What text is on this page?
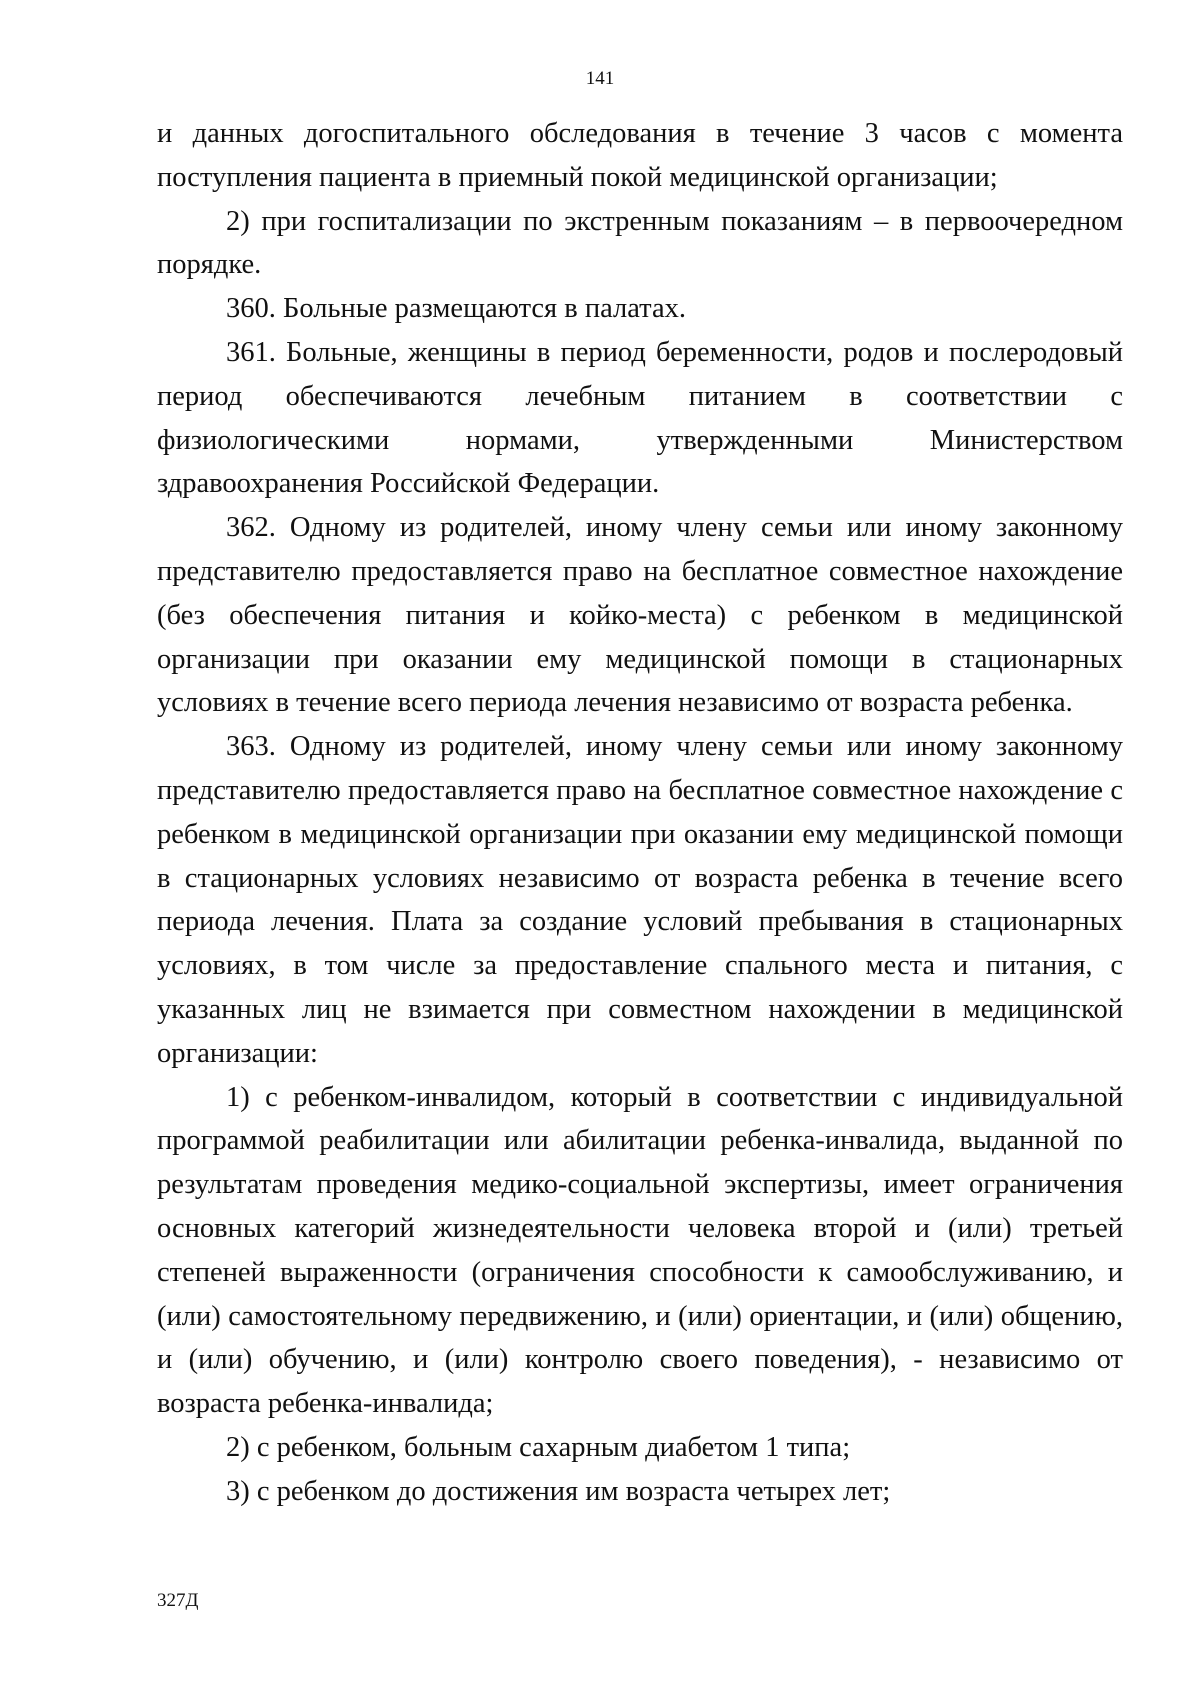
141

и данных догоспитального обследования в течение 3 часов с момента поступления пациента в приемный покой медицинской организации;

2) при госпитализации по экстренным показаниям – в первоочередном порядке.

360. Больные размещаются в палатах.

361. Больные, женщины в период беременности, родов и послеродовый период обеспечиваются лечебным питанием в соответствии с физиологическими нормами, утвержденными Министерством здравоохранения Российской Федерации.

362. Одному из родителей, иному члену семьи или иному законному представителю предоставляется право на бесплатное совместное нахождение (без обеспечения питания и койко-места) с ребенком в медицинской организации при оказании ему медицинской помощи в стационарных условиях в течение всего периода лечения независимо от возраста ребенка.

363. Одному из родителей, иному члену семьи или иному законному представителю предоставляется право на бесплатное совместное нахождение с ребенком в медицинской организации при оказании ему медицинской помощи в стационарных условиях независимо от возраста ребенка в течение всего периода лечения. Плата за создание условий пребывания в стационарных условиях, в том числе за предоставление спального места и питания, с указанных лиц не взимается при совместном нахождении в медицинской организации:

1) с ребенком-инвалидом, который в соответствии с индивидуальной программой реабилитации или абилитации ребенка-инвалида, выданной по результатам проведения медико-социальной экспертизы, имеет ограничения основных категорий жизнедеятельности человека второй и (или) третьей степеней выраженности (ограничения способности к самообслуживанию, и (или) самостоятельному передвижению, и (или) ориентации, и (или) общению, и (или) обучению, и (или) контролю своего поведения), - независимо от возраста ребенка-инвалида;

2) с ребенком, больным сахарным диабетом 1 типа;

3) с ребенком до достижения им возраста четырех лет;

327Д
